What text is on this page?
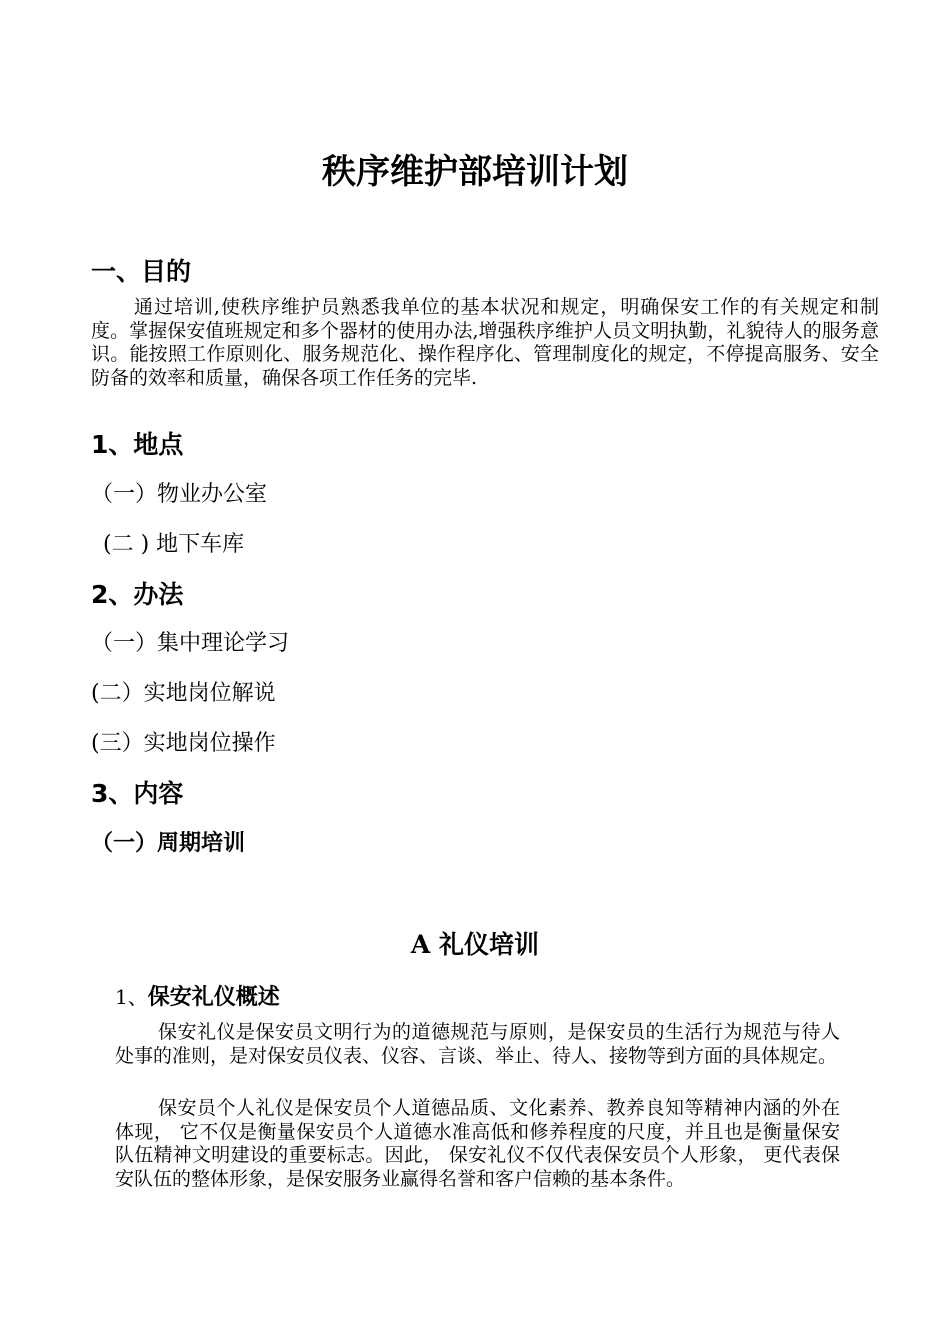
秩序维护部培训计划
一、目的

通过培训,使秩序维护员熟悉我单位的基本状况和规定，明确保安工作的有关规定和制度。掌握保安值班规定和多个器材的使用办法,增强秩序维护人员文明执勤，礼貌待人的服务意识。能按照工作原则化、服务规范化、操作程序化、管理制度化的规定，不停提高服务、安全防备的效率和质量，确保各项工作任务的完毕.

1、地点
（一）物业办公室
(二 ) 地下车库
2、办法
（一）集中理论学习
(二）实地岗位解说
(三）实地岗位操作
3、内容
（一）周期培训
A 礼仪培训
1、保安礼仪概述

保安礼仪是保安员文明行为的道德规范与原则，是保安员的生活行为规范与待人处事的准则，是对保安员仪表、仪容、言谈、举止、待人、接物等到方面的具体规定。

保安员个人礼仪是保安员个人道德品质、文化素养、教养良知等精神内涵的外在体现， 它不仅是衡量保安员个人道德水准高低和修养程度的尺度，并且也是衡量保安队伍精神文明建设的重要标志。因此， 保安礼仪不仅代表保安员个人形象， 更代表保安队伍的整体形象，是保安服务业赢得名誉和客户信赖的基本条件。
